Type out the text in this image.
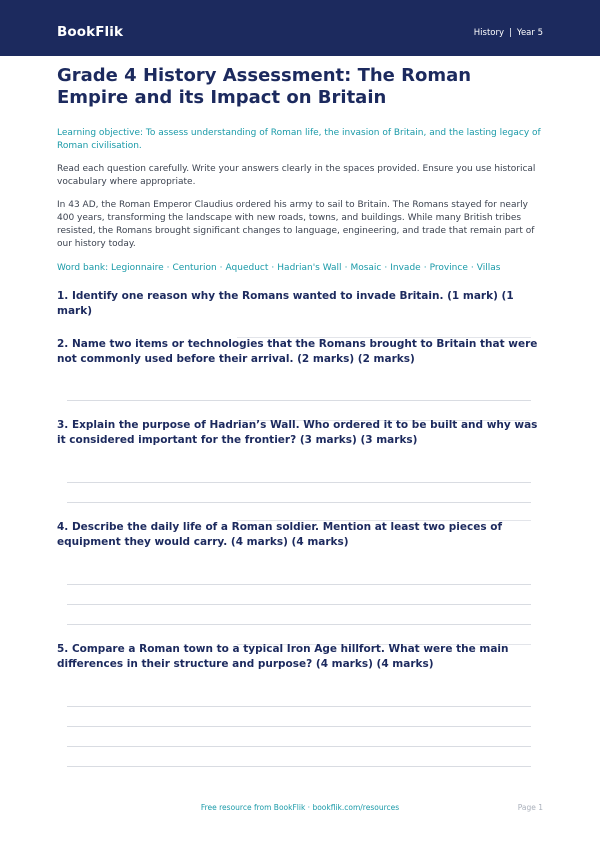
BookFlik	History | Year 5
Grade 4 History Assessment: The Roman Empire and its Impact on Britain
Learning objective: To assess understanding of Roman life, the invasion of Britain, and the lasting legacy of Roman civilisation.
Read each question carefully. Write your answers clearly in the spaces provided. Ensure you use historical vocabulary where appropriate.
In 43 AD, the Roman Emperor Claudius ordered his army to sail to Britain. The Romans stayed for nearly 400 years, transforming the landscape with new roads, towns, and buildings. While many British tribes resisted, the Romans brought significant changes to language, engineering, and trade that remain part of our history today.
Word bank: Legionnaire · Centurion · Aqueduct · Hadrian's Wall · Mosaic · Invade · Province · Villas
1. Identify one reason why the Romans wanted to invade Britain. (1 mark) (1 mark)
2. Name two items or technologies that the Romans brought to Britain that were not commonly used before their arrival. (2 marks) (2 marks)
3. Explain the purpose of Hadrian’s Wall. Who ordered it to be built and why was it considered important for the frontier? (3 marks) (3 marks)
4. Describe the daily life of a Roman soldier. Mention at least two pieces of equipment they would carry. (4 marks) (4 marks)
5. Compare a Roman town to a typical Iron Age hillfort. What were the main differences in their structure and purpose? (4 marks) (4 marks)
Free resource from BookFlik · bookflik.com/resources	Page 1
